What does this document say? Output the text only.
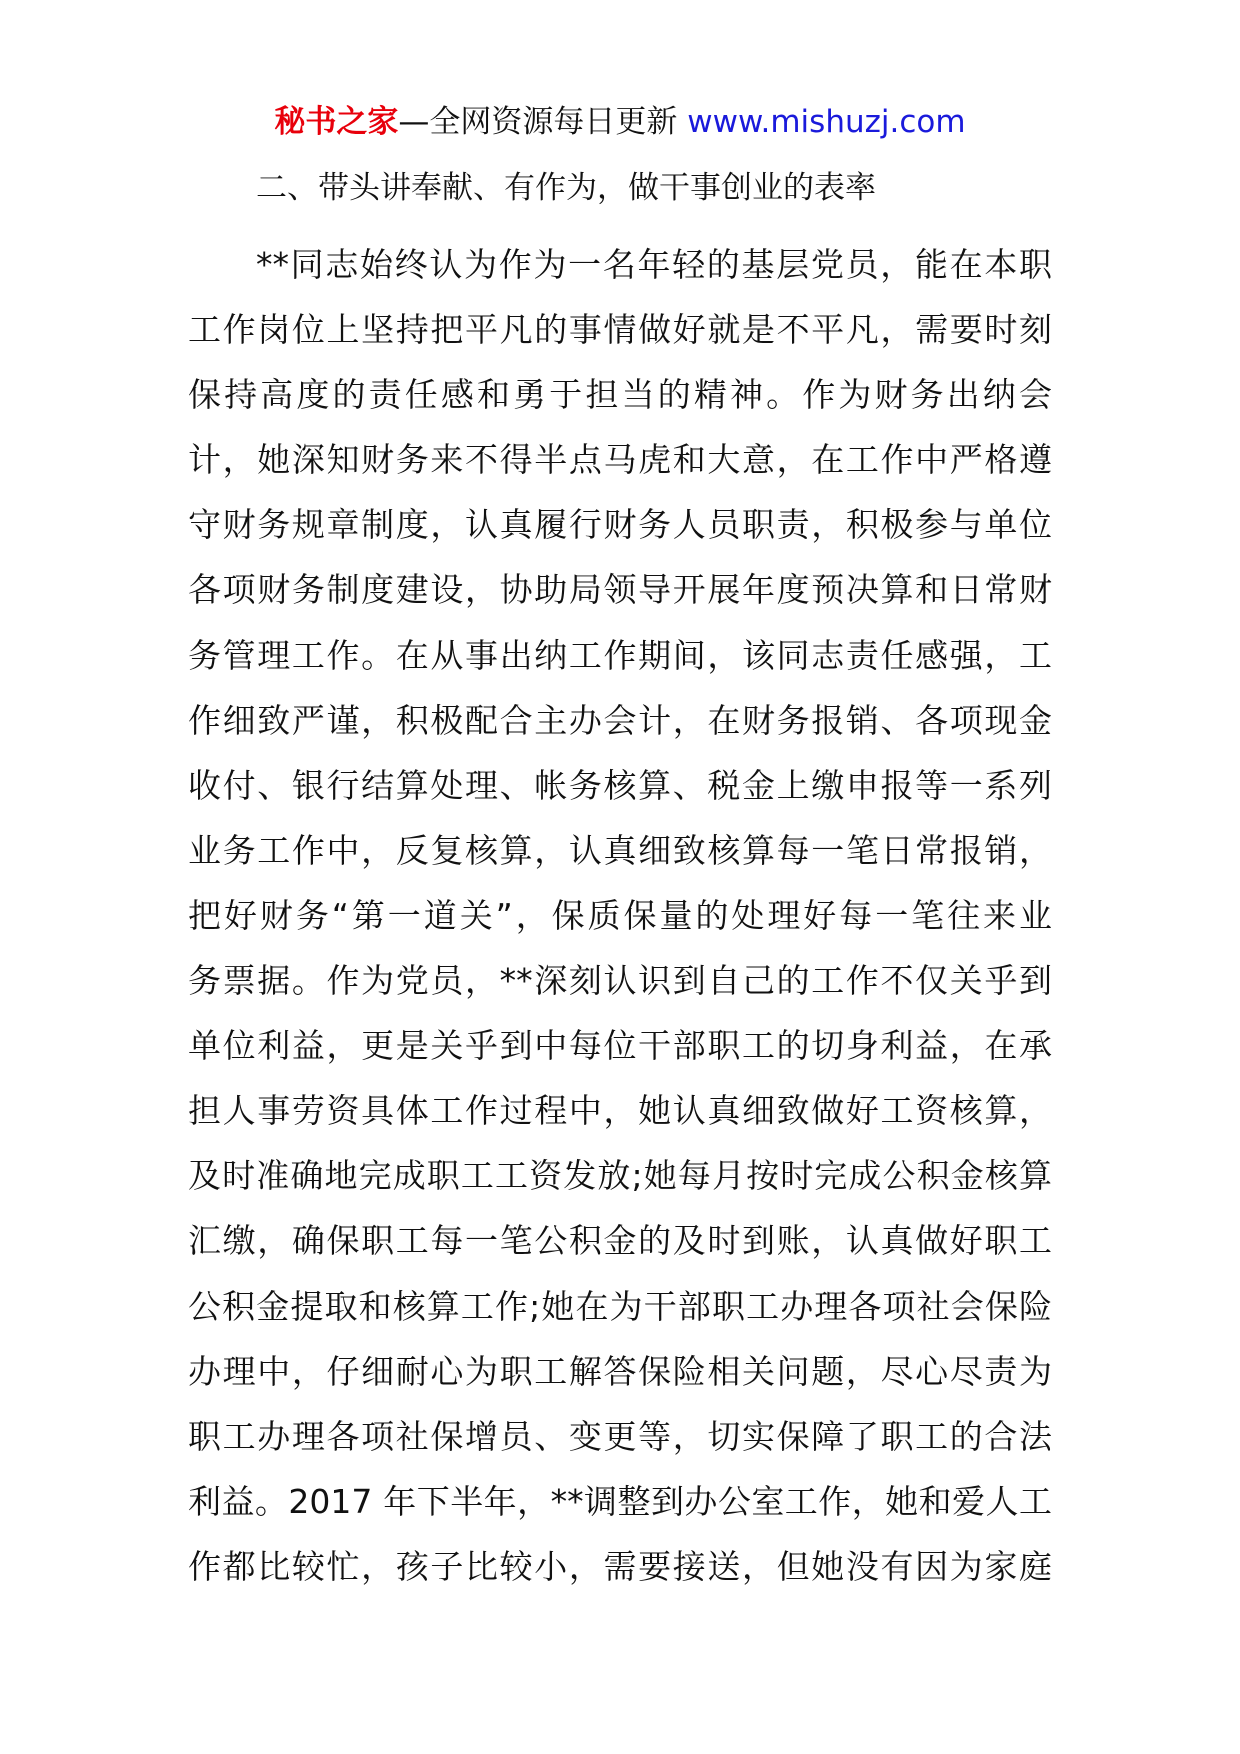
秘书之家—全网资源每日更新 www.mishuzj.com
二、带头讲奉献、有作为，做干事创业的表率
**同志始终认为作为一名年轻的基层党员，能在本职
工作岗位上坚持把平凡的事情做好就是不平凡，需要时刻
保持高度的责任感和勇于担当的精神。作为财务出纳会
计，她深知财务来不得半点马虎和大意，在工作中严格遵
守财务规章制度，认真履行财务人员职责，积极参与单位
各项财务制度建设，协助局领导开展年度预决算和日常财
务管理工作。在从事出纳工作期间，该同志责任感强，工
作细致严谨，积极配合主办会计，在财务报销、各项现金
收付、银行结算处理、帐务核算、税金上缴申报等一系列
业务工作中，反复核算，认真细致核算每一笔日常报销，
把好财务“第一道关”，保质保量的处理好每一笔往来业
务票据。作为党员，**深刻认识到自己的工作不仅关乎到
单位利益，更是关乎到中每位干部职工的切身利益，在承
担人事劳资具体工作过程中，她认真细致做好工资核算，
及时准确地完成职工工资发放;她每月按时完成公积金核算
汇缴，确保职工每一笔公积金的及时到账，认真做好职工
公积金提取和核算工作;她在为干部职工办理各项社会保险
办理中，仔细耐心为职工解答保险相关问题，尽心尽责为
职工办理各项社保增员、变更等，切实保障了职工的合法
利益。2017 年下半年，**调整到办公室工作，她和爱人工
作都比较忙，孩子比较小，需要接送，但她没有因为家庭
